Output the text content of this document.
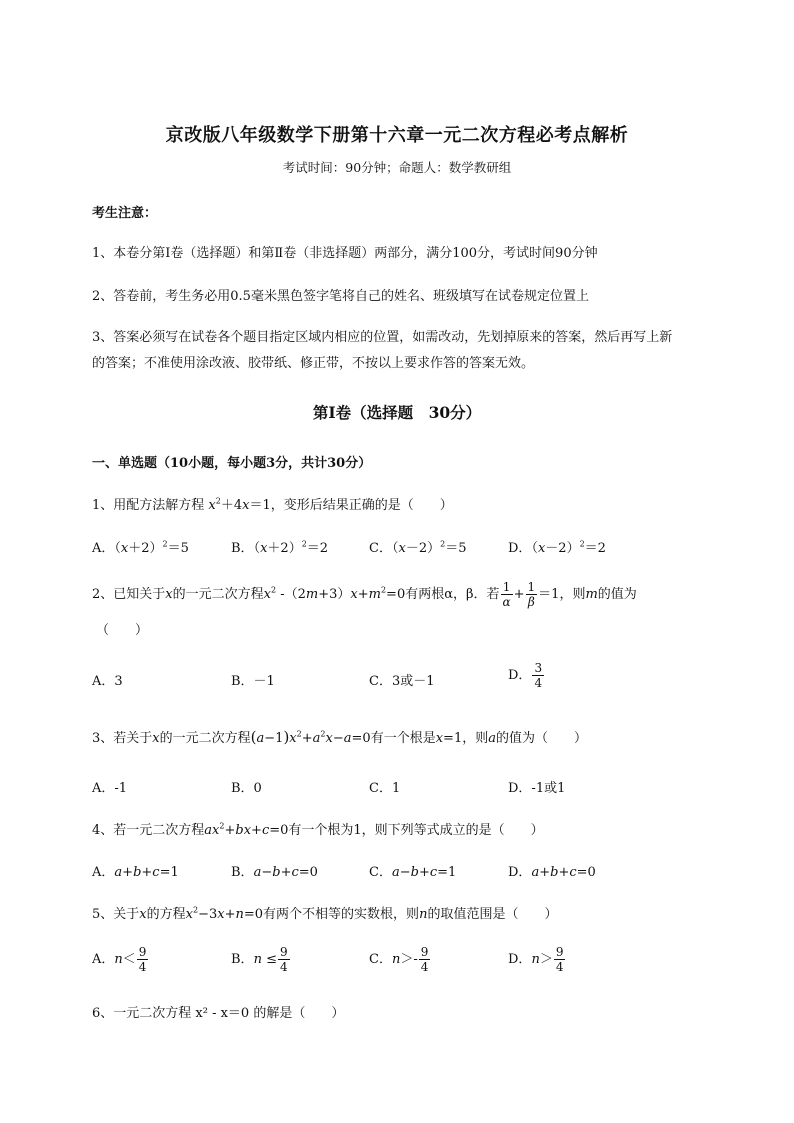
京改版八年级数学下册第十六章一元二次方程必考点解析
考试时间：90分钟；命题人：数学教研组
考生注意：
1、本卷分第I卷（选择题）和第Ⅱ卷（非选择题）两部分，满分100分，考试时间90分钟
2、答卷前，考生务必用0.5毫米黑色签字笔将自己的姓名、班级填写在试卷规定位置上
3、答案必须写在试卷各个题目指定区域内相应的位置，如需改动，先划掉原来的答案，然后再写上新
的答案；不准使用涂改液、胶带纸、修正带，不按以上要求作答的答案无效。
第I卷（选择题　30分）
一、单选题（10小题，每小题3分，共计30分）
1、用配方法解方程 $x^2+4x=1$，变形后结果正确的是（　　）
A．$(x+2)^2=5$	B．$(x+2)^2=2$	C．$(x-2)^2=5$	D．$(x-2)^2=2$
2、已知关于x的一元二次方程$x^2$ $-(2m+3)x+m^2=0$有两根α，β．若 $\frac{1}{\alpha} + \frac{1}{\beta} =1$，则m的值为
（　　）
A．3	B．－1	C．3或－1	D． $\frac{3}{4}$
3、若关于x的一元二次方程$(a-1)x^2+a^2x-a=0$有一个根是x=1，则a的值为（　　）
A．-1	B．0	C．1	D．-1或1
4、若一元二次方程$ax^2+bx+c=0$有一个根为1，则下列等式成立的是（　　）
A．a+b+c=1	B．a−b+c=0	C．a−b+c=1	D．a+b+c=0
5、关于x的方程$x^2-3x+n=0$有两个不相等的实数根，则n的取值范围是（　　）
A．$n< \frac{9}{4}$	B．$n \le \frac{9}{4}$	C．$n>- \frac{9}{4}$	D．$n> \frac{9}{4}$
6、一元二次方程 x² - x＝0 的解是（　　）
